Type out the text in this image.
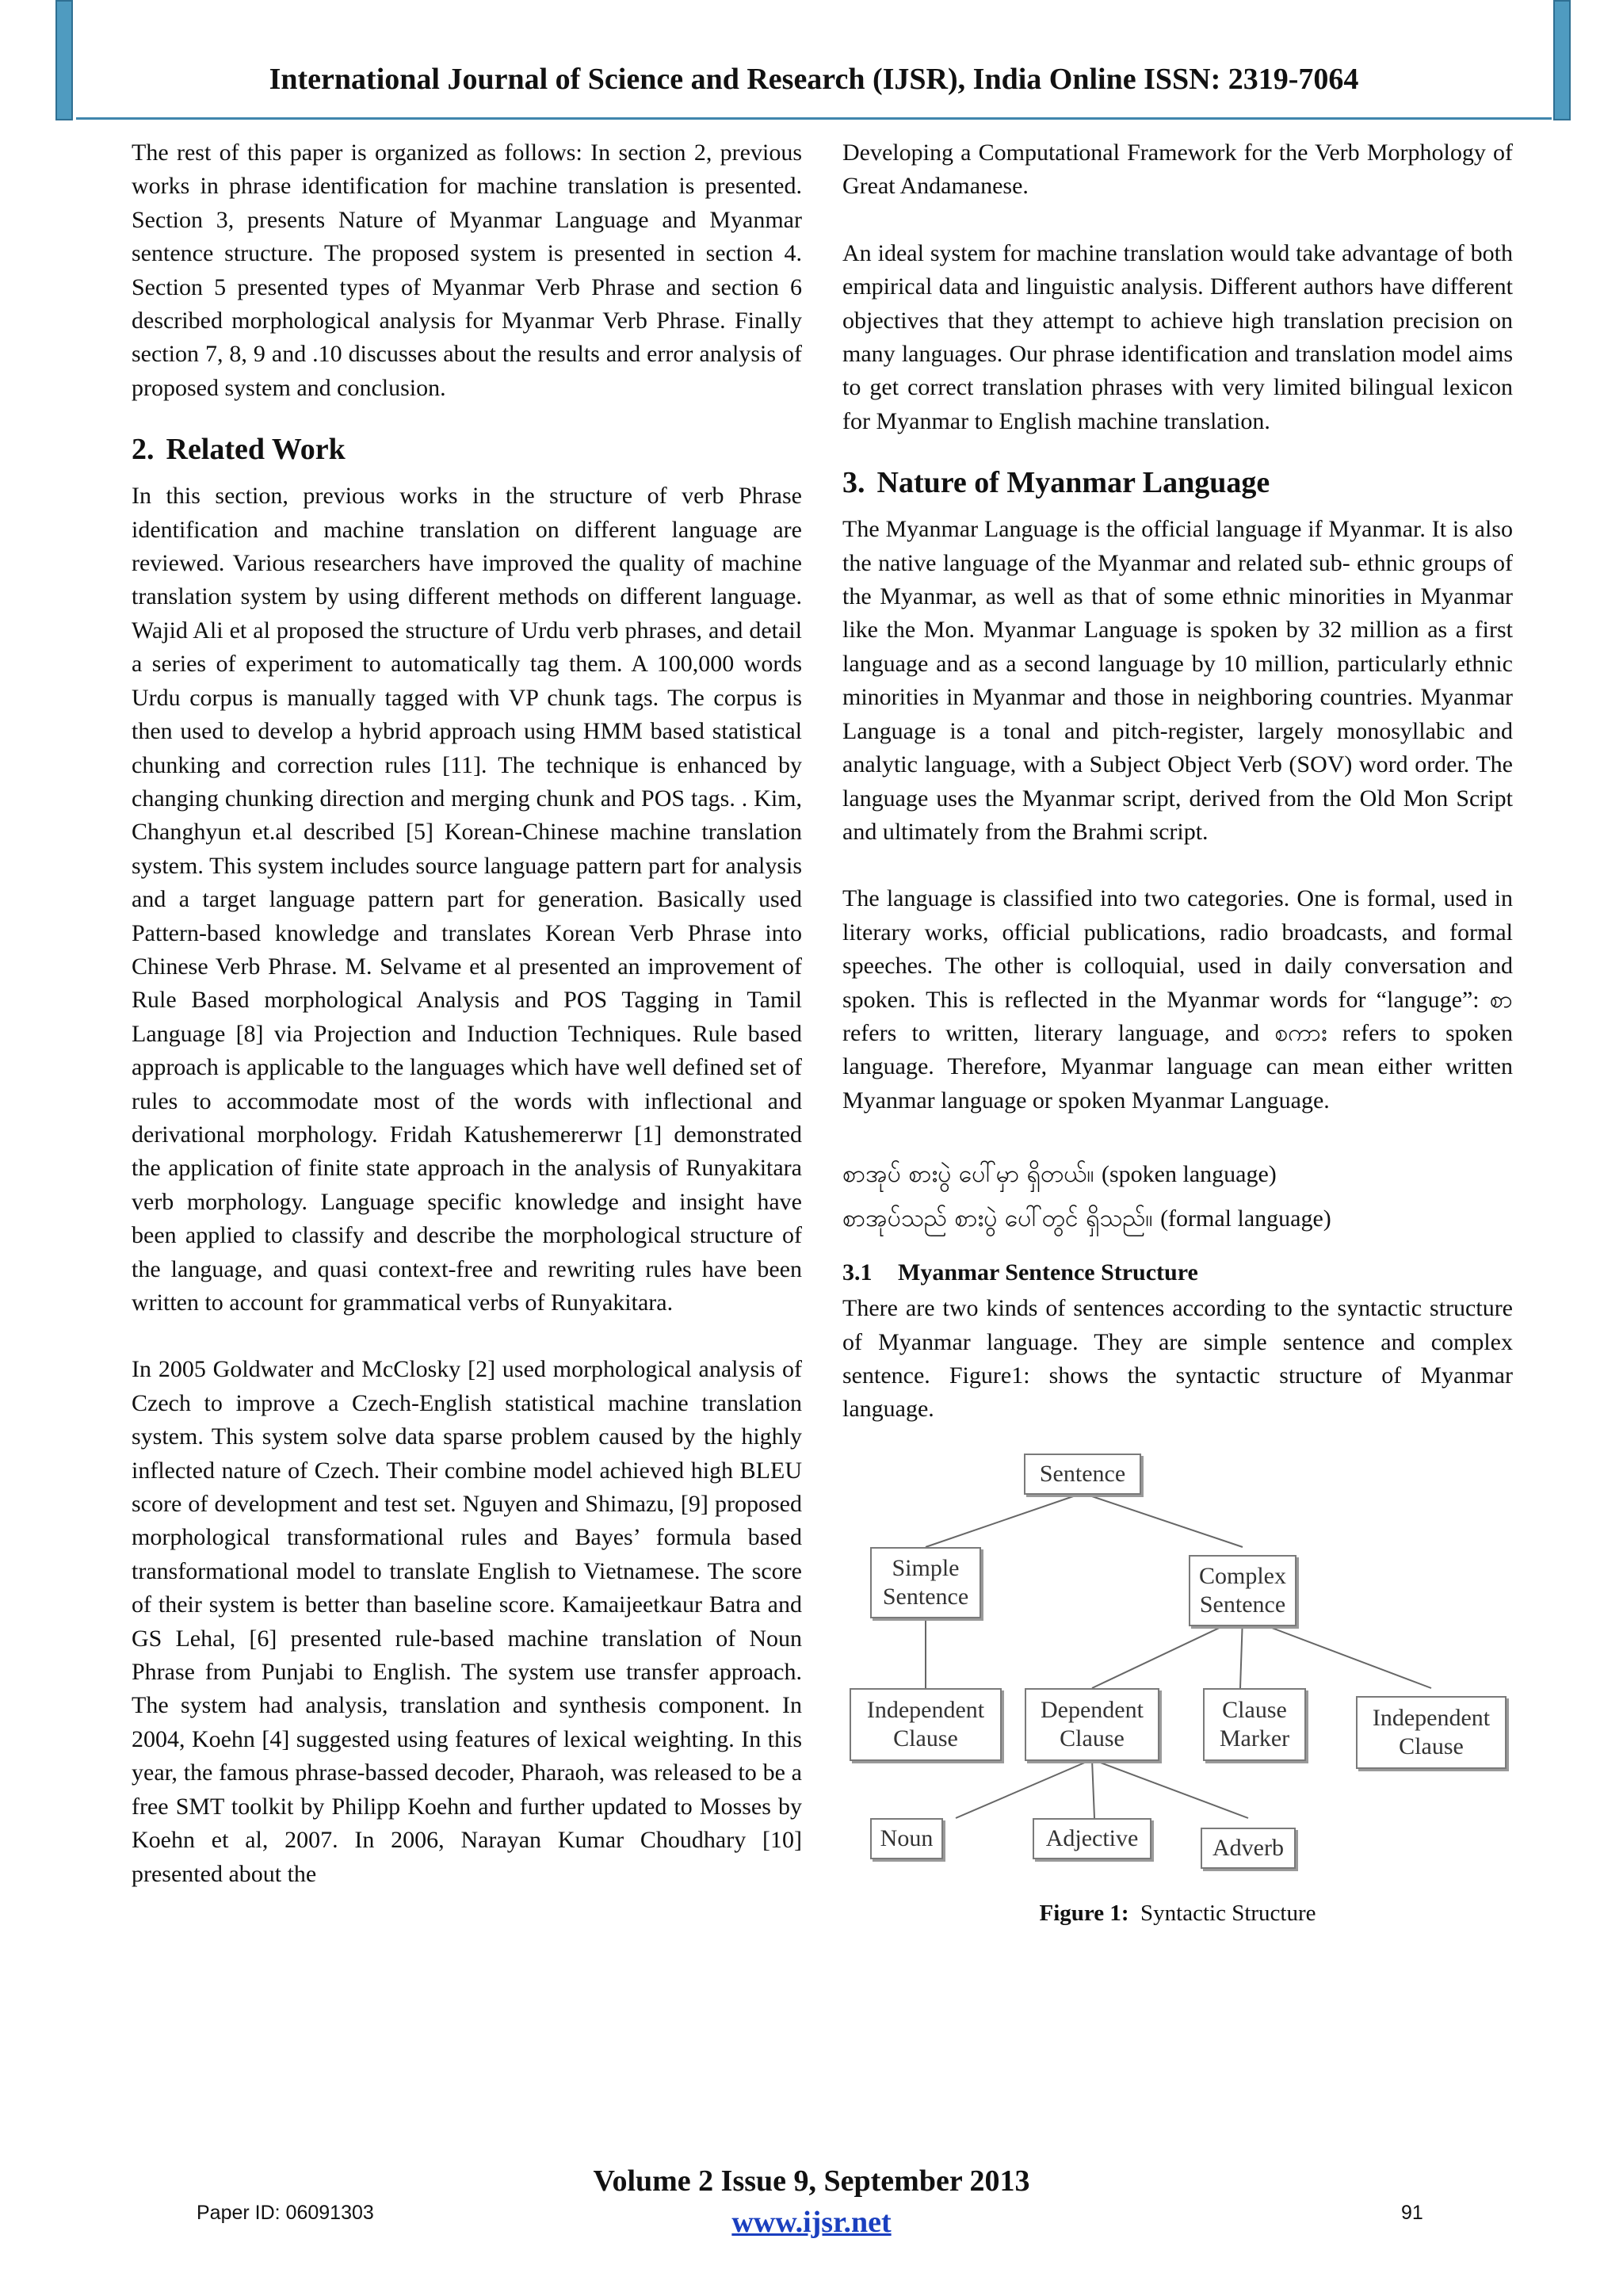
International Journal of Science and Research (IJSR), India Online ISSN: 2319-7064

The rest of this paper is organized as follows: In section 2, previous works in phrase identification for machine translation is presented. Section 3, presents Nature of Myanmar Language and Myanmar sentence structure. The proposed system is presented in section 4. Section 5 presented types of Myanmar Verb Phrase and section 6 described morphological analysis for Myanmar Verb Phrase. Finally section 7, 8, 9 and .10 discusses about the results and error analysis of proposed system and conclusion.

2. Related Work

In this section, previous works in the structure of verb Phrase identification and machine translation on different language are reviewed. Various researchers have improved the quality of machine translation system by using different methods on different language. Wajid Ali et al proposed the structure of Urdu verb phrases, and detail a series of experiment to automatically tag them. A 100,000 words Urdu corpus is manually tagged with VP chunk tags. The corpus is then used to develop a hybrid approach using HMM based statistical chunking and correction rules [11]. The technique is enhanced by changing chunking direction and merging chunk and POS tags. . Kim, Changhyun et.al described [5] Korean-Chinese machine translation system. This system includes source language pattern part for analysis and a target language pattern part for generation. Basically used Pattern-based knowledge and translates Korean Verb Phrase into Chinese Verb Phrase. M. Selvame et al presented an improvement of Rule Based morphological Analysis and POS Tagging in Tamil Language [8] via Projection and Induction Techniques. Rule based approach is applicable to the languages which have well defined set of rules to accommodate most of the words with inflectional and derivational morphology. Fridah Katushemererwr [1] demonstrated the application of finite state approach in the analysis of Runyakitara verb morphology. Language specific knowledge and insight have been applied to classify and describe the morphological structure of the language, and quasi context-free and rewriting rules have been written to account for grammatical verbs of Runyakitara.

In 2005 Goldwater and McClosky [2] used morphological analysis of Czech to improve a Czech-English statistical machine translation system. This system solve data sparse problem caused by the highly inflected nature of Czech. Their combine model achieved high BLEU score of development and test set. Nguyen and Shimazu, [9] proposed morphological transformational rules and Bayes’ formula based transformational model to translate English to Vietnamese. The score of their system is better than baseline score. Kamaijeetkaur Batra and GS Lehal, [6] presented rule-based machine translation of Noun Phrase from Punjabi to English. The system use transfer approach. The system had analysis, translation and synthesis component. In 2004, Koehn [4] suggested using features of lexical weighting. In this year, the famous phrase-bassed decoder, Pharaoh, was released to be a free SMT toolkit by Philipp Koehn and further updated to Mosses by Koehn et al, 2007. In 2006, Narayan Kumar Choudhary [10] presented about the

Developing a Computational Framework for the Verb Morphology of Great Andamanese.

An ideal system for machine translation would take advantage of both empirical data and linguistic analysis. Different authors have different objectives that they attempt to achieve high translation precision on many languages. Our phrase identification and translation model aims to get correct translation phrases with very limited bilingual lexicon for Myanmar to English machine translation.

3. Nature of Myanmar Language

The Myanmar Language is the official language if Myanmar. It is also the native language of the Myanmar and related sub- ethnic groups of the Myanmar, as well as that of some ethnic minorities in Myanmar like the Mon. Myanmar Language is spoken by 32 million as a first language and as a second language by 10 million, particularly ethnic minorities in Myanmar and those in neighboring countries. Myanmar Language is a tonal and pitch-register, largely monosyllabic and analytic language, with a Subject Object Verb (SOV) word order. The language uses the Myanmar script, derived from the Old Mon Script and ultimately from the Brahmi script.

The language is classified into two categories. One is formal, used in literary works, official publications, radio broadcasts, and formal speeches. The other is colloquial, used in daily conversation and spoken. This is reflected in the Myanmar words for “languge”: စာ refers to written, literary language, and စကား refers to spoken language. Therefore, Myanmar language can mean either written Myanmar language or spoken Myanmar Language.

စာအုပ် စားပွဲ ပေါ်မှာ ရှိတယ်။ (spoken language)
စာအုပ်သည် စားပွဲ ပေါ်တွင် ရှိသည်။ (formal language)
3.1 Myanmar Sentence Structure

There are two kinds of sentences according to the syntactic structure of Myanmar language. They are simple sentence and complex sentence. Figure1: shows the syntactic structure of Myanmar language.

Sentence
Simple Sentence
Complex Sentence
Independent Clause
Dependent Clause
Clause Marker
Independent Clause
Noun	Adjective	Adverb
Figure 1: Syntactic Structure
Volume 2 Issue 9, September 2013
www.ijsr.net
Paper ID: 06091303	91
